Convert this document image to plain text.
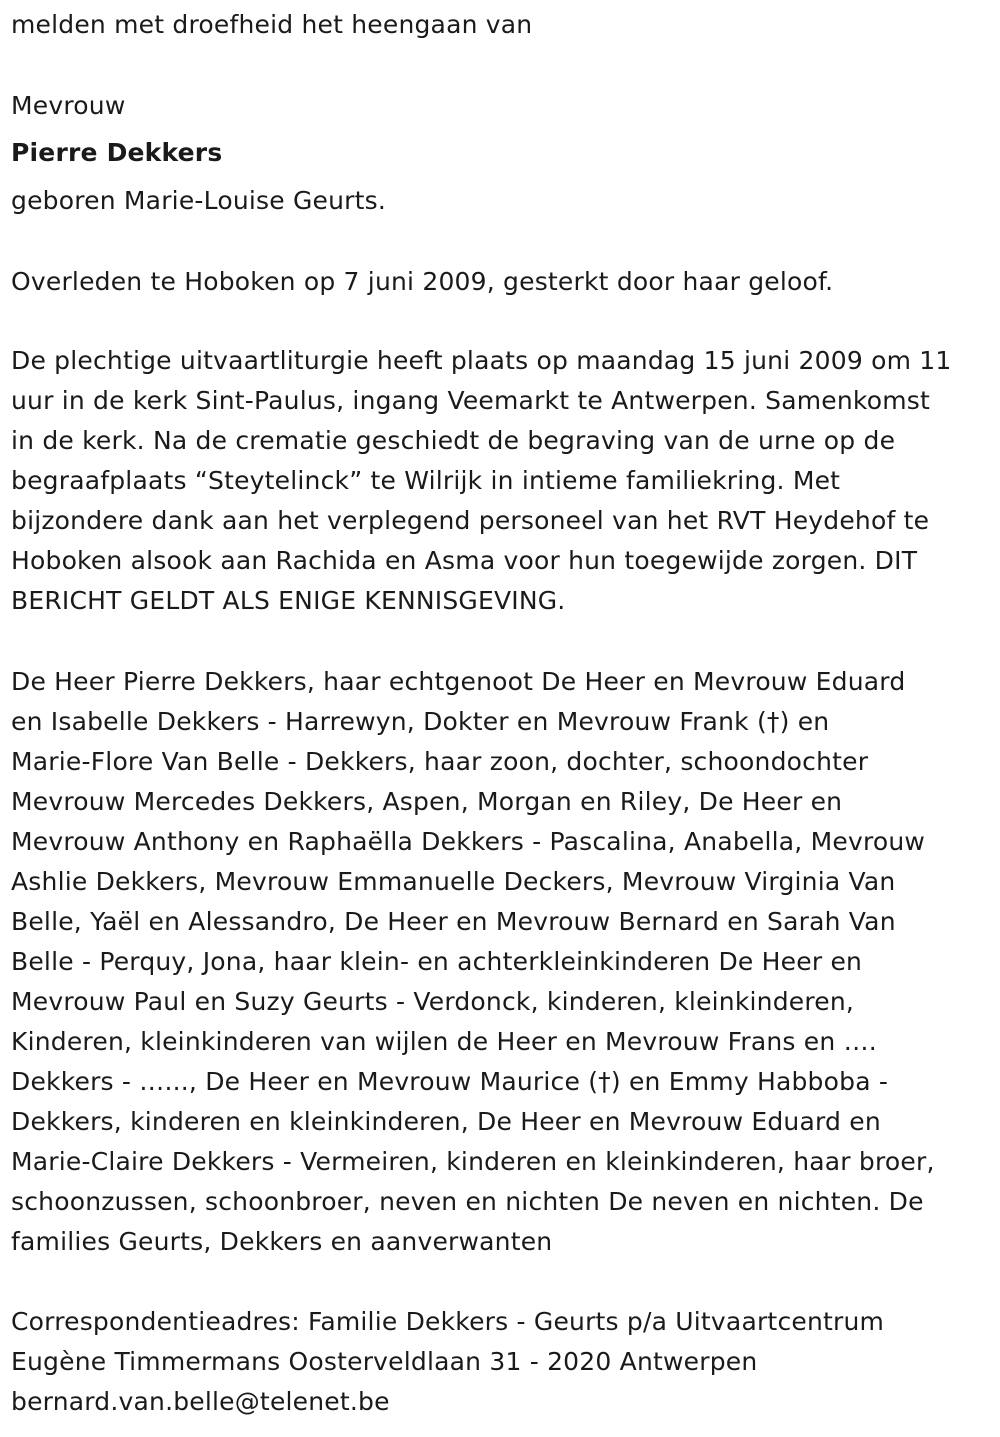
melden met droefheid het heengaan van
Mevrouw
Pierre Dekkers
geboren Marie-Louise Geurts.
Overleden te Hoboken op 7 juni 2009, gesterkt door haar geloof.
De plechtige uitvaartliturgie heeft plaats op maandag 15 juni 2009 om 11
uur in de kerk Sint-Paulus, ingang Veemarkt te Antwerpen. Samenkomst
in de kerk. Na de crematie geschiedt de begraving van de urne op de
begraafplaats “Steytelinck” te Wilrijk in intieme familiekring. Met
bijzondere dank aan het verplegend personeel van het RVT Heydehof te
Hoboken alsook aan Rachida en Asma voor hun toegewijde zorgen. DIT
BERICHT GELDT ALS ENIGE KENNISGEVING.
De Heer Pierre Dekkers, haar echtgenoot De Heer en Mevrouw Eduard
en Isabelle Dekkers - Harrewyn, Dokter en Mevrouw Frank (†) en
Marie-Flore Van Belle - Dekkers, haar zoon, dochter, schoondochter
Mevrouw Mercedes Dekkers, Aspen, Morgan en Riley, De Heer en
Mevrouw Anthony en Raphaëlla Dekkers - Pascalina, Anabella, Mevrouw
Ashlie Dekkers, Mevrouw Emmanuelle Deckers, Mevrouw Virginia Van
Belle, Yaël en Alessandro, De Heer en Mevrouw Bernard en Sarah Van
Belle - Perquy, Jona, haar klein- en achterkleinkinderen De Heer en
Mevrouw Paul en Suzy Geurts - Verdonck, kinderen, kleinkinderen,
Kinderen, kleinkinderen van wijlen de Heer en Mevrouw Frans en ….
Dekkers - …..., De Heer en Mevrouw Maurice (†) en Emmy Habboba -
Dekkers, kinderen en kleinkinderen, De Heer en Mevrouw Eduard en
Marie-Claire Dekkers - Vermeiren, kinderen en kleinkinderen, haar broer,
schoonzussen, schoonbroer, neven en nichten De neven en nichten. De
families Geurts, Dekkers en aanverwanten
Correspondentieadres: Familie Dekkers - Geurts p/a Uitvaartcentrum
Eugène Timmermans Oosterveldlaan 31 - 2020 Antwerpen
bernard.van.belle@telenet.be
